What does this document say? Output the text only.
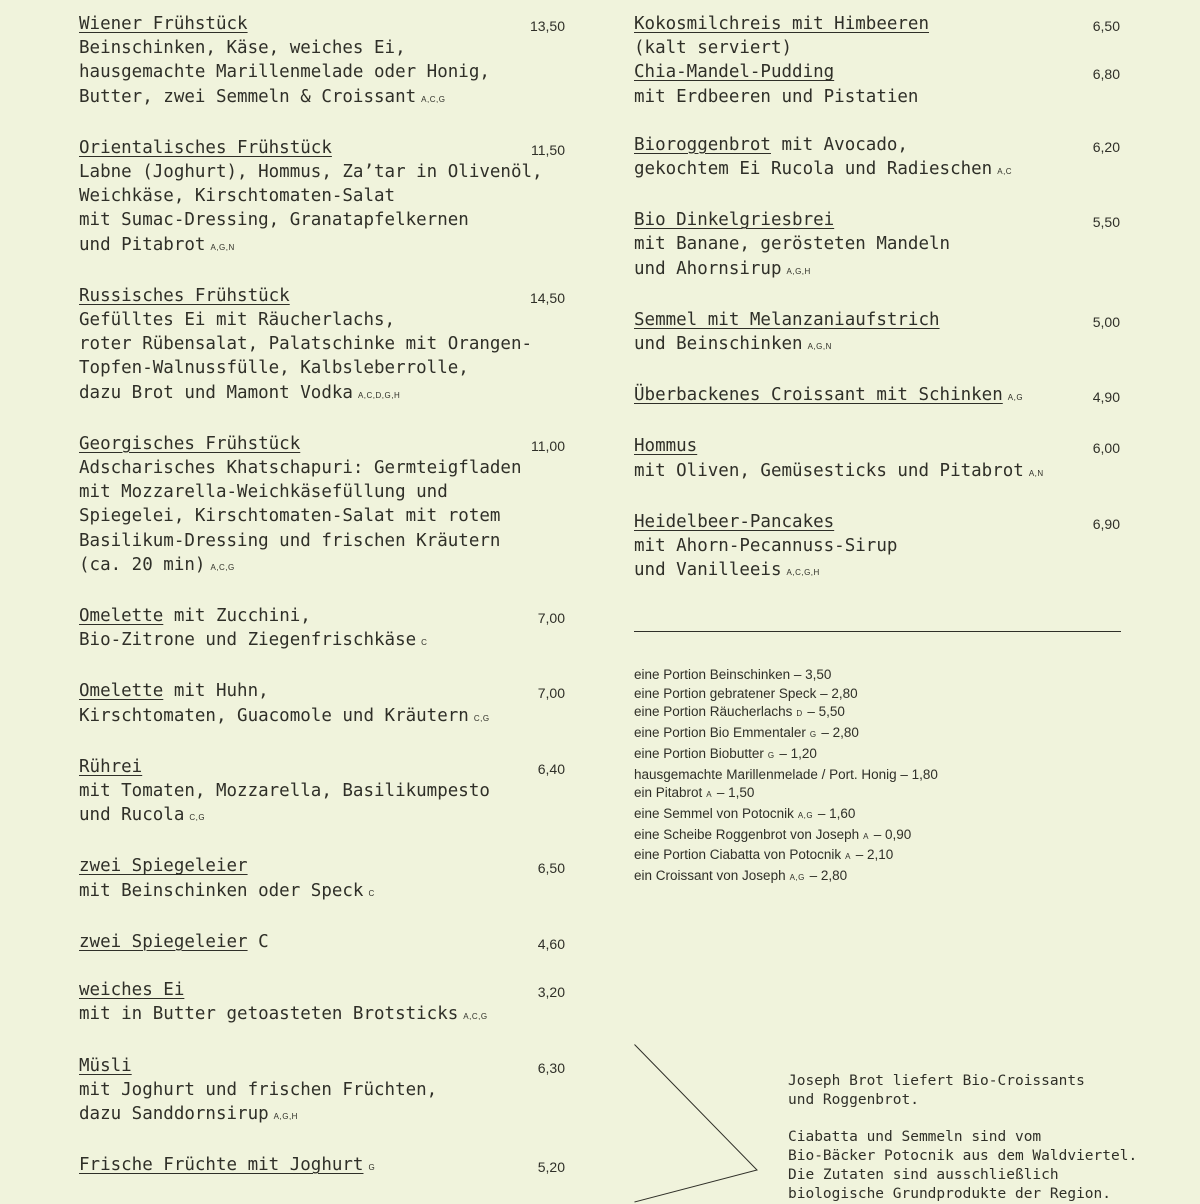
Wiener Frühstück	13,50
Beinschinken, Käse, weiches Ei,
hausgemachte Marillenmelade oder Honig,
Butter, zwei Semmeln & Croissant A,C,G
Orientalisches Frühstück	11,50
Labne (Joghurt), Hommus, Za’tar in Olivenöl,
Weichkäse, Kirschtomaten-Salat
mit Sumac-Dressing, Granatapfelkernen
und Pitabrot A,G,N
Russisches Frühstück	14,50
Gefülltes Ei mit Räucherlachs,
roter Rübensalat, Palatschinke mit Orangen-
Topfen-Walnussfülle, Kalbsleberrolle,
dazu Brot und Mamont Vodka A,C,D,G,H
Georgisches Frühstück	11,00
Adscharisches Khatschapuri: Germteigfladen
mit Mozzarella-Weichkäsefüllung und
Spiegelei, Kirschtomaten-Salat mit rotem
Basilikum-Dressing und frischen Kräutern
(ca. 20 min) A,C,G
Omelette mit Zucchini,	7,00
Bio-Zitrone und Ziegenfrischkäse C
Omelette mit Huhn,	7,00
Kirschtomaten, Guacomole und Kräutern C,G
Rührei	6,40
mit Tomaten, Mozzarella, Basilikumpesto
und Rucola C,G
zwei Spiegeleier	6,50
mit Beinschinken oder Speck C
zwei Spiegeleier C	4,60
weiches Ei	3,20
mit in Butter getoasteten Brotsticks A,C,G
Müsli	6,30
mit Joghurt und frischen Früchten,
dazu Sanddornsirup A,G,H
Frische Früchte mit Joghurt G	5,20
Kokosmilchreis mit Himbeeren	6,50
(kalt serviert)
Chia-Mandel-Pudding	6,80
mit Erdbeeren und Pistatien
Bioroggenbrot mit Avocado,	6,20
gekochtem Ei Rucola und Radieschen A,C
Bio Dinkelgriesbrei	5,50
mit Banane, gerösteten Mandeln
und Ahornsirup A,G,H
Semmel mit Melanzaniaufstrich	5,00
und Beinschinken A,G,N
Überbackenes Croissant mit Schinken A,G	4,90
Hommus	6,00
mit Oliven, Gemüsesticks und Pitabrot A,N
Heidelbeer-Pancakes	6,90
mit Ahorn-Pecannuss-Sirup
und Vanilleeis A,C,G,H
eine Portion Beinschinken – 3,50
eine Portion gebratener Speck – 2,80
eine Portion Räucherlachs D – 5,50
eine Portion Bio Emmentaler G – 2,80
eine Portion Biobutter G – 1,20
hausgemachte Marillenmelade / Port. Honig – 1,80
ein Pitabrot A – 1,50
eine Semmel von Potocnik A,G – 1,60
eine Scheibe Roggenbrot von Joseph A – 0,90
eine Portion Ciabatta von Potocnik A – 2,10
ein Croissant von Joseph A,G – 2,80
Joseph Brot liefert Bio-Croissants
und Roggenbrot.
Ciabatta und Semmeln sind vom
Bio-Bäcker Potocnik aus dem Waldviertel.
Die Zutaten sind ausschließlich
biologische Grundprodukte der Region.
